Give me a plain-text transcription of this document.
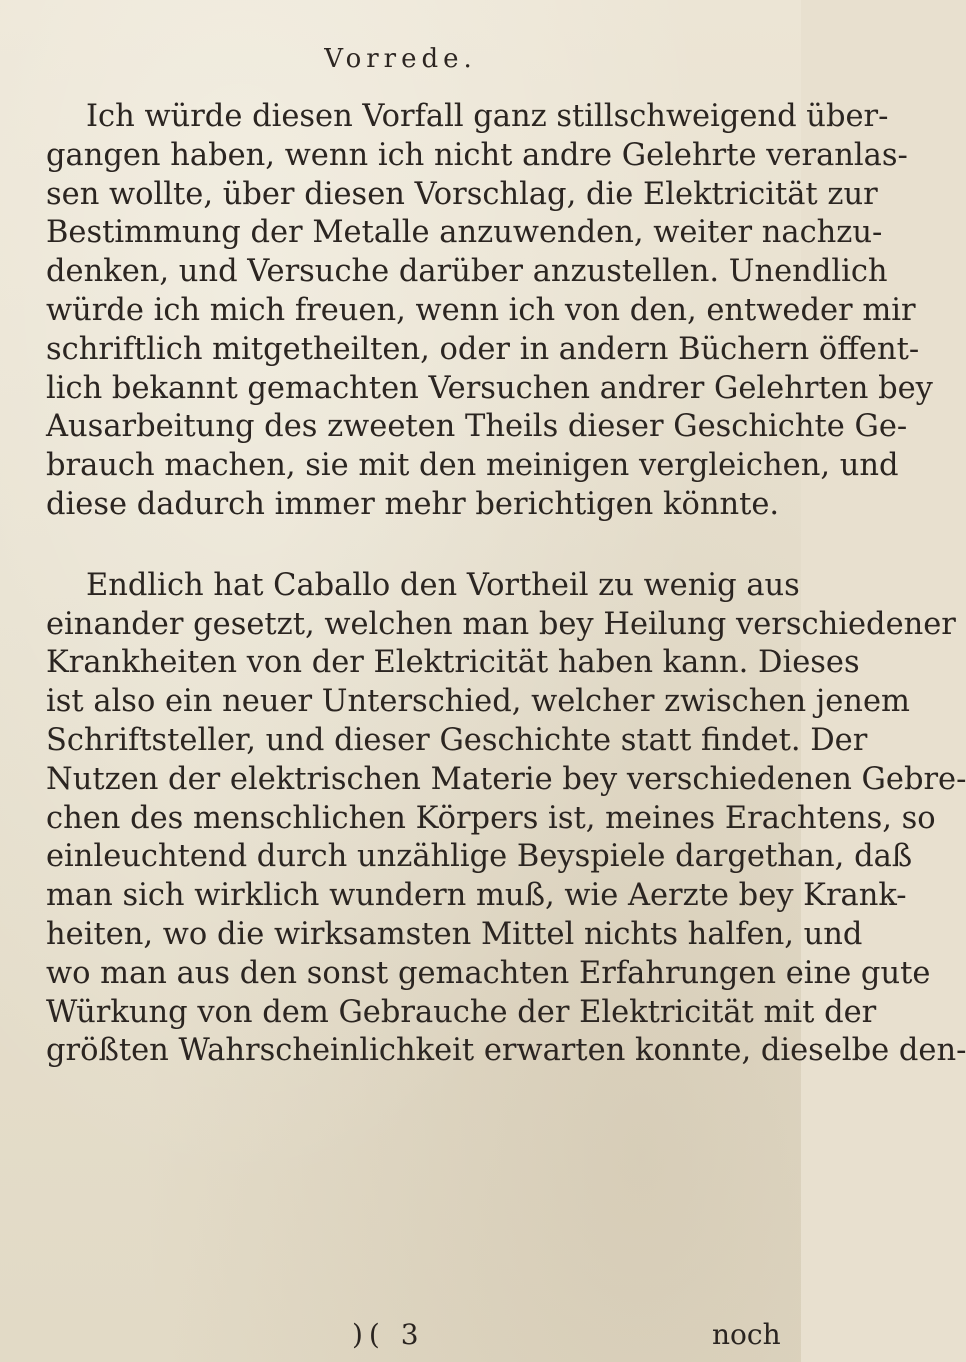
Vorrede.
Ich würde diesen Vorfall ganz stillschweigend über-
gangen haben, wenn ich nicht andre Gelehrte veranlas-
sen wollte, über diesen Vorschlag, die Elektricität zur
Bestimmung der Metalle anzuwenden, weiter nachzu-
denken, und Versuche darüber anzustellen. Unendlich
würde ich mich freuen, wenn ich von den, entweder mir
schriftlich mitgetheilten, oder in andern Büchern öffent-
lich bekannt gemachten Versuchen andrer Gelehrten bey
Ausarbeitung des zweeten Theils dieser Geschichte Ge-
brauch machen, sie mit den meinigen vergleichen, und
diese dadurch immer mehr berichtigen könnte.
Endlich hat Caballo den Vortheil zu wenig aus
einander gesetzt, welchen man bey Heilung verschiedener
Krankheiten von der Elektricität haben kann. Dieses
ist also ein neuer Unterschied, welcher zwischen jenem
Schriftsteller, und dieser Geschichte statt findet. Der
Nutzen der elektrischen Materie bey verschiedenen Gebre-
chen des menschlichen Körpers ist, meines Erachtens, so
einleuchtend durch unzählige Beyspiele dargethan, daß
man sich wirklich wundern muß, wie Aerzte bey Krank-
heiten, wo die wirksamsten Mittel nichts halfen, und
wo man aus den sonst gemachten Erfahrungen eine gute
Würkung von dem Gebrauche der Elektricität mit der
größten Wahrscheinlichkeit erwarten konnte, dieselbe den-
)( 3	noch
